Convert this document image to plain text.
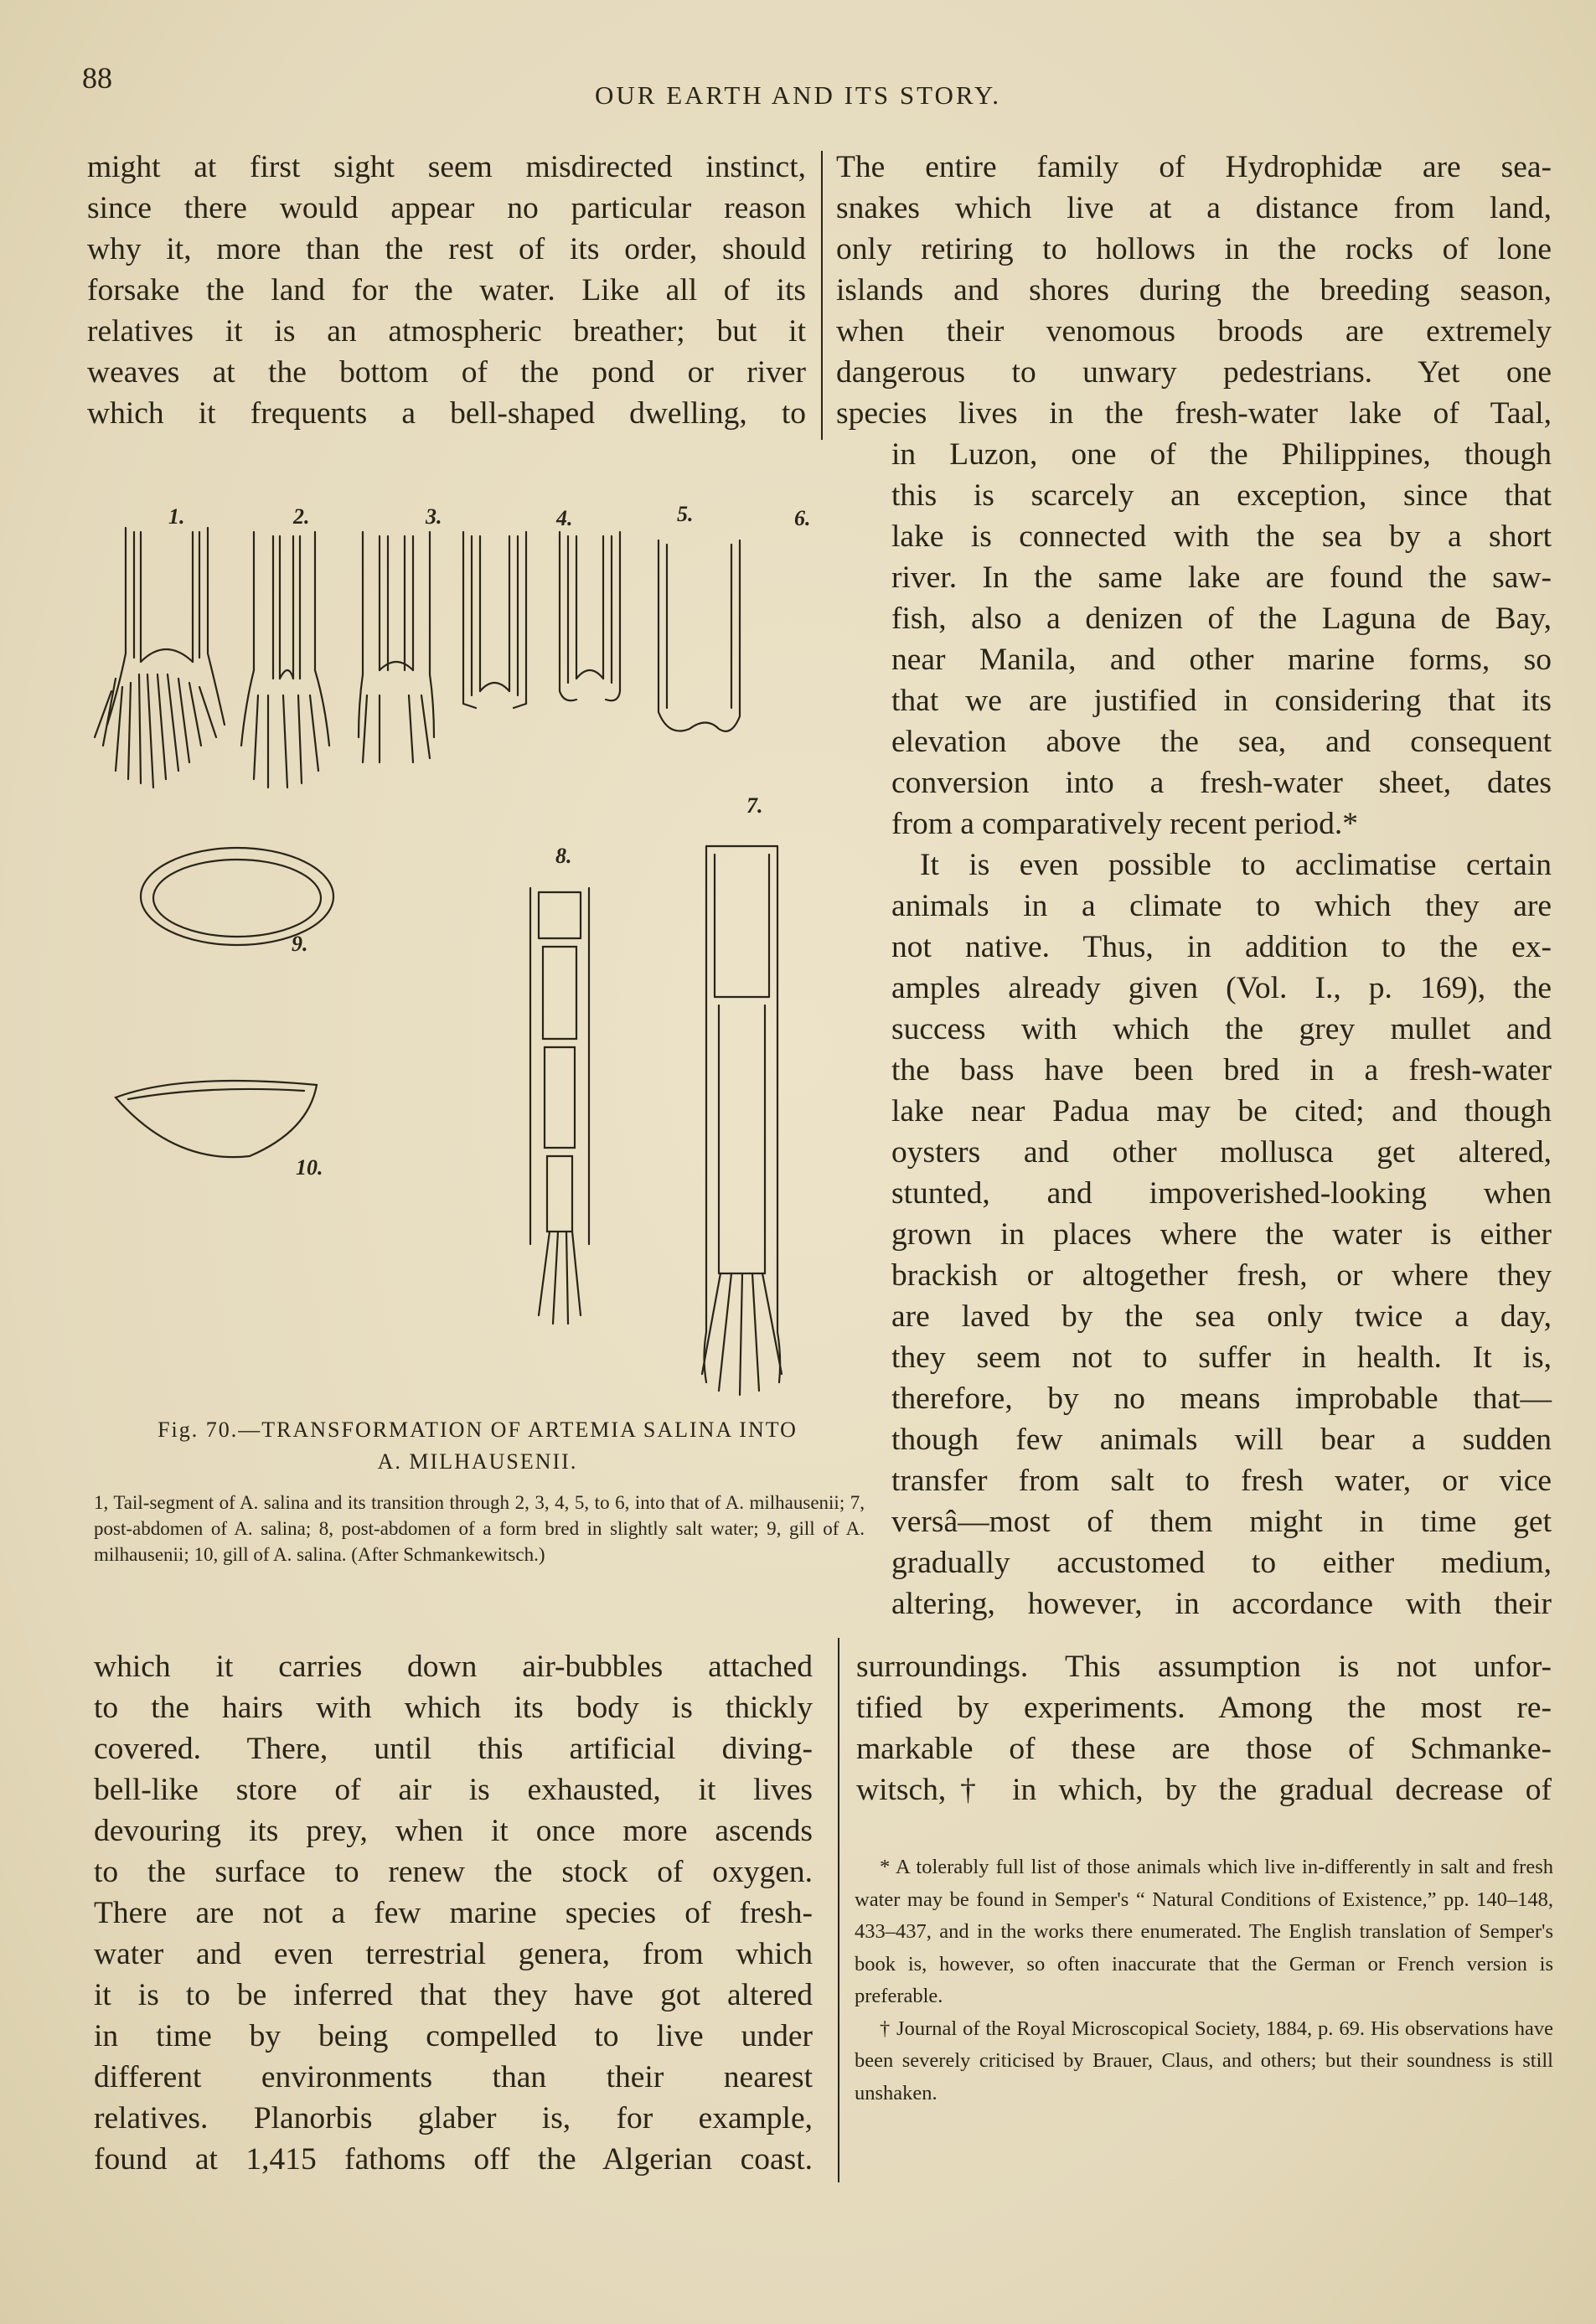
88
OUR EARTH AND ITS STORY.
might at first sight seem misdirected instinct,
since there would appear no particular reason
why it, more than the rest of its order, should
forsake the land for the water. Like all of its
relatives it is an atmospheric breather; but it
weaves at the bottom of the pond or river
which it frequents a bell-shaped dwelling, to
The entire family of Hydrophidæ are sea-
snakes which live at a distance from land,
only retiring to hollows in the rocks of lone
islands and shores during the breeding season,
when their venomous broods are extremely
dangerous to unwary pedestrians. Yet one
species lives in the fresh-water lake of Taal,
in Luzon, one of the Philippines, though
this is scarcely an exception, since that
lake is connected with the sea by a short
river. In the same lake are found the saw-
fish, also a denizen of the Laguna de Bay,
near Manila, and other marine forms, so
that we are justified in considering that its
elevation above the sea, and consequent
conversion into a fresh-water sheet, dates
from a comparatively recent period.*
It is even possible to acclimatise certain
animals in a climate to which they are
not native. Thus, in addition to the ex-
amples already given (Vol. I., p. 169), the
success with which the grey mullet and
the bass have been bred in a fresh-water
lake near Padua may be cited; and though
oysters and other mollusca get altered,
stunted, and impoverished-looking when
grown in places where the water is either
brackish or altogether fresh, or where they
are laved by the sea only twice a day,
they seem not to suffer in health. It is,
therefore, by no means improbable that—
though few animals will bear a sudden
transfer from salt to fresh water, or vice
versâ—most of them might in time get
gradually accustomed to either medium,
altering, however, in accordance with their
1.	2.	3.	4.	5.	6.
7.
8.
9.
10.
Fig. 70.—TRANSFORMATION OF ARTEMIA SALINA INTO
A. MILHAUSENII.
1, Tail-segment of A. salina and its transition through 2, 3, 4, 5, to 6, into that of A. milhausenii; 7, post-abdomen of A. salina; 8, post-abdomen of a form bred in slightly salt water; 9, gill of A. milhausenii; 10, gill of A. salina. (After Schmankewitsch.)
which it carries down air-bubbles attached
to the hairs with which its body is thickly
covered. There, until this artificial diving-
bell-like store of air is exhausted, it lives
devouring its prey, when it once more ascends
to the surface to renew the stock of oxygen.
There are not a few marine species of fresh-
water and even terrestrial genera, from which
it is to be inferred that they have got altered
in time by being compelled to live under
different environments than their nearest
relatives. Planorbis glaber is, for example,
found at 1,415 fathoms off the Algerian coast.
surroundings. This assumption is not unfor-
tified by experiments. Among the most re-
markable of these are those of Schmanke-
witsch,† in which, by the gradual decrease of

* A tolerably full list of those animals which live in-differently in salt and fresh water may be found in Semper's “ Natural Conditions of Existence,” pp. 140–148, 433–437, and in the works there enumerated. The English translation of Semper's book is, however, so often inaccurate that the German or French version is preferable.

† Journal of the Royal Microscopical Society, 1884, p. 69. His observations have been severely criticised by Brauer, Claus, and others; but their soundness is still unshaken.
